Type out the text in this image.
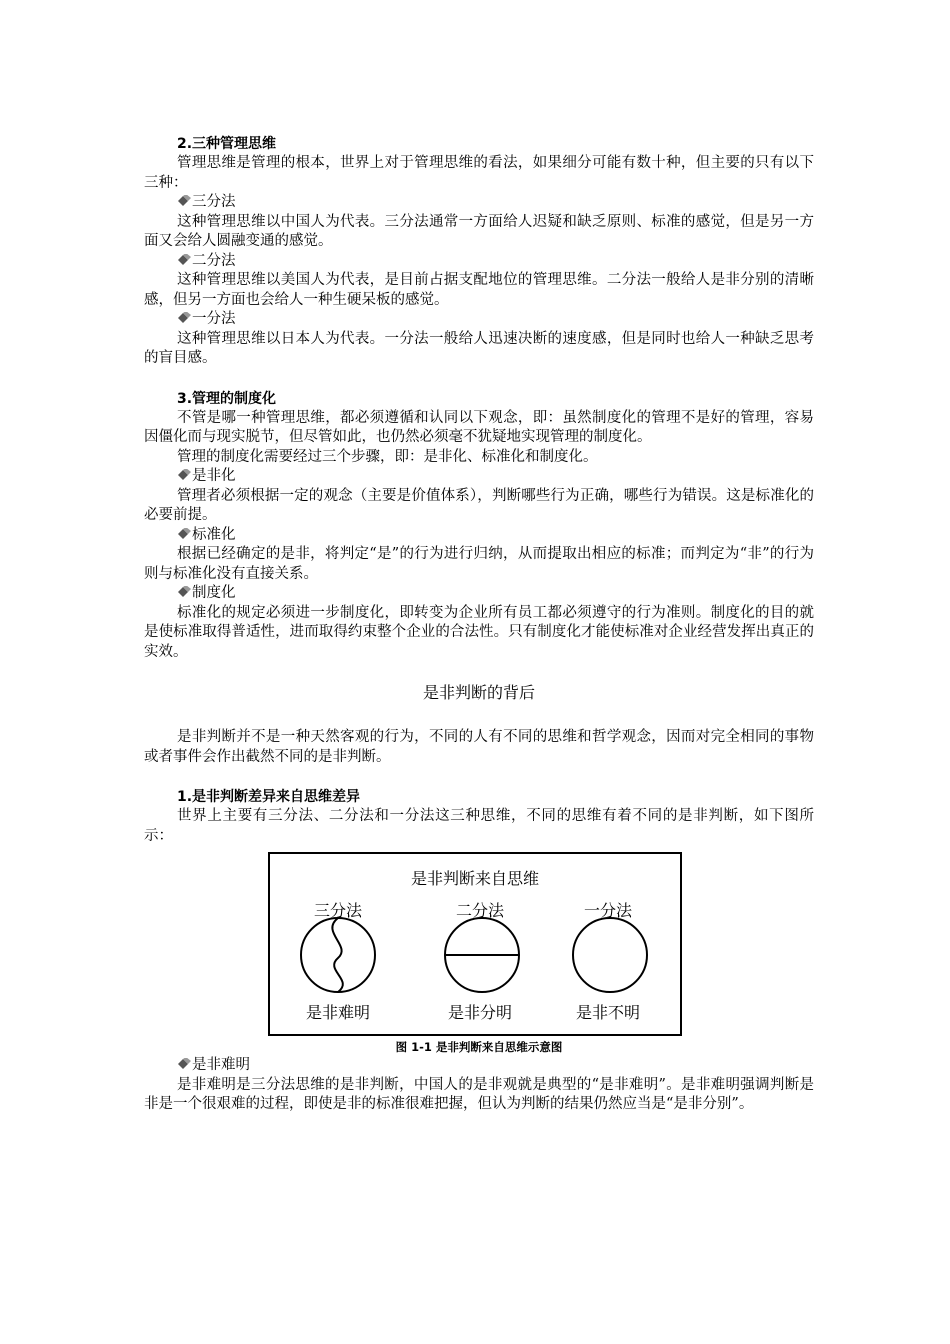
2.三种管理思维

管理思维是管理的根本，世界上对于管理思维的看法，如果细分可能有数十种，但主要的只有以下三种：

三分法

这种管理思维以中国人为代表。三分法通常一方面给人迟疑和缺乏原则、标准的感觉，但是另一方面又会给人圆融变通的感觉。

二分法

这种管理思维以美国人为代表，是目前占据支配地位的管理思维。二分法一般给人是非分别的清晰感，但另一方面也会给人一种生硬呆板的感觉。

一分法

这种管理思维以日本人为代表。一分法一般给人迅速决断的速度感，但是同时也给人一种缺乏思考的盲目感。

3.管理的制度化

不管是哪一种管理思维，都必须遵循和认同以下观念，即：虽然制度化的管理不是好的管理，容易因僵化而与现实脱节，但尽管如此，也仍然必须毫不犹疑地实现管理的制度化。

管理的制度化需要经过三个步骤，即：是非化、标准化和制度化。

是非化

管理者必须根据一定的观念（主要是价值体系），判断哪些行为正确，哪些行为错误。这是标准化的必要前提。

标准化

根据已经确定的是非，将判定“是”的行为进行归纳，从而提取出相应的标准；而判定为“非”的行为则与标准化没有直接关系。

制度化

标准化的规定必须进一步制度化，即转变为企业所有员工都必须遵守的行为准则。制度化的目的就是使标准取得普适性，进而取得约束整个企业的合法性。只有制度化才能使标准对企业经营发挥出真正的实效。

是非判断的背后

是非判断并不是一种天然客观的行为，不同的人有不同的思维和哲学观念，因而对完全相同的事物或者事件会作出截然不同的是非判断。

1.是非判断差异来自思维差异

世界上主要有三分法、二分法和一分法这三种思维，不同的思维有着不同的是非判断，如下图所示：

是非判断来自思维
三分法	二分法	一分法
是非难明	是非分明	是非不明

图 1-1 是非判断来自思维示意图

是非难明

是非难明是三分法思维的是非判断，中国人的是非观就是典型的“是非难明”。是非难明强调判断是非是一个很艰难的过程，即使是非的标准很难把握，但认为判断的结果仍然应当是“是非分别”。
